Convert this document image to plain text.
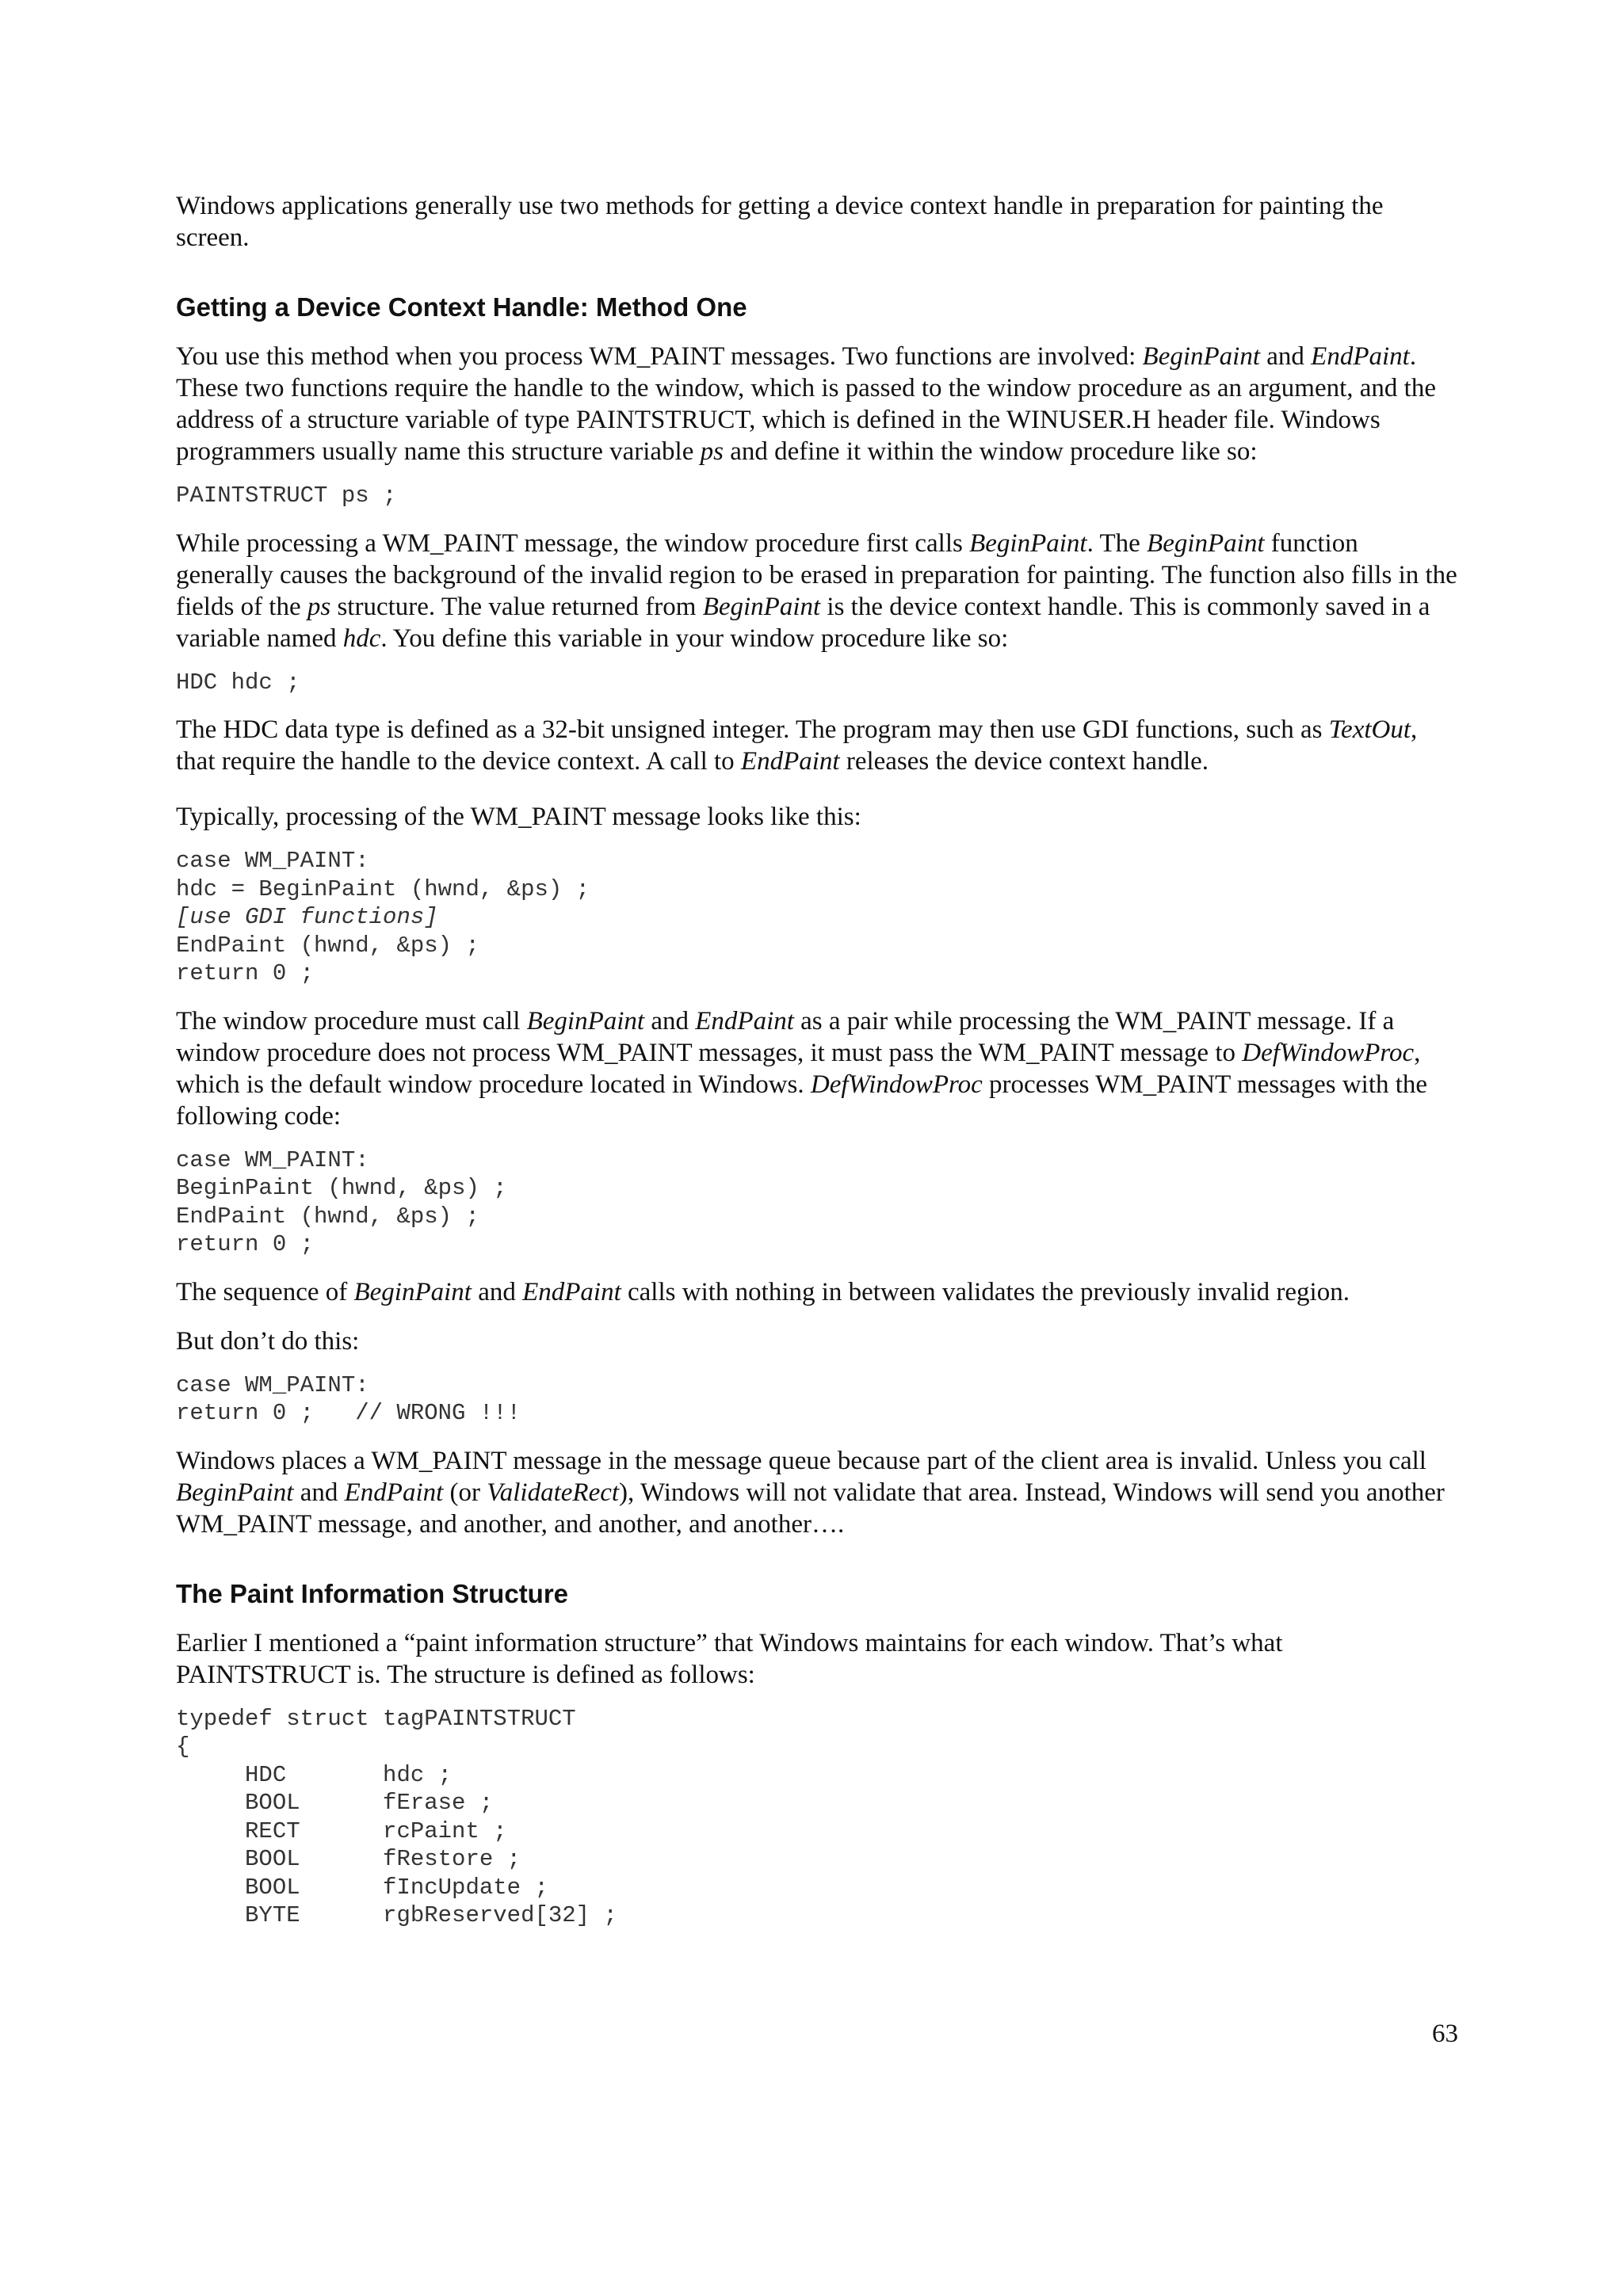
Windows applications generally use two methods for getting a device context handle in preparation for painting the screen.

Getting a Device Context Handle: Method One

You use this method when you process WM_PAINT messages. Two functions are involved: BeginPaint and EndPaint. These two functions require the handle to the window, which is passed to the window procedure as an argument, and the address of a structure variable of type PAINTSTRUCT, which is defined in the WINUSER.H header file. Windows programmers usually name this structure variable ps and define it within the window procedure like so:

PAINTSTRUCT ps ;

While processing a WM_PAINT message, the window procedure first calls BeginPaint. The BeginPaint function generally causes the background of the invalid region to be erased in preparation for painting. The function also fills in the fields of the ps structure. The value returned from BeginPaint is the device context handle. This is commonly saved in a variable named hdc. You define this variable in your window procedure like so:

HDC hdc ;

The HDC data type is defined as a 32-bit unsigned integer. The program may then use GDI functions, such as TextOut, that require the handle to the device context. A call to EndPaint releases the device context handle.

Typically, processing of the WM_PAINT message looks like this:

case WM_PAINT:
hdc = BeginPaint (hwnd, &ps) ;
[use GDI functions]
EndPaint (hwnd, &ps) ;
return 0 ;

The window procedure must call BeginPaint and EndPaint as a pair while processing the WM_PAINT message. If a window procedure does not process WM_PAINT messages, it must pass the WM_PAINT message to DefWindowProc, which is the default window procedure located in Windows. DefWindowProc processes WM_PAINT messages with the following code:

case WM_PAINT:
BeginPaint (hwnd, &ps) ;
EndPaint (hwnd, &ps) ;
return 0 ;

The sequence of BeginPaint and EndPaint calls with nothing in between validates the previously invalid region.

But don’t do this:

case WM_PAINT:
return 0 ;   // WRONG !!!

Windows places a WM_PAINT message in the message queue because part of the client area is invalid. Unless you call BeginPaint and EndPaint (or ValidateRect), Windows will not validate that area. Instead, Windows will send you another WM_PAINT message, and another, and another, and another….

The Paint Information Structure

Earlier I mentioned a “paint information structure” that Windows maintains for each window. That’s what PAINTSTRUCT is. The structure is defined as follows:

typedef struct tagPAINTSTRUCT
{
HDC       hdc ;
BOOL      fErase ;
RECT      rcPaint ;
BOOL      fRestore ;
BOOL      fIncUpdate ;
BYTE      rgbReserved[32] ;
63
